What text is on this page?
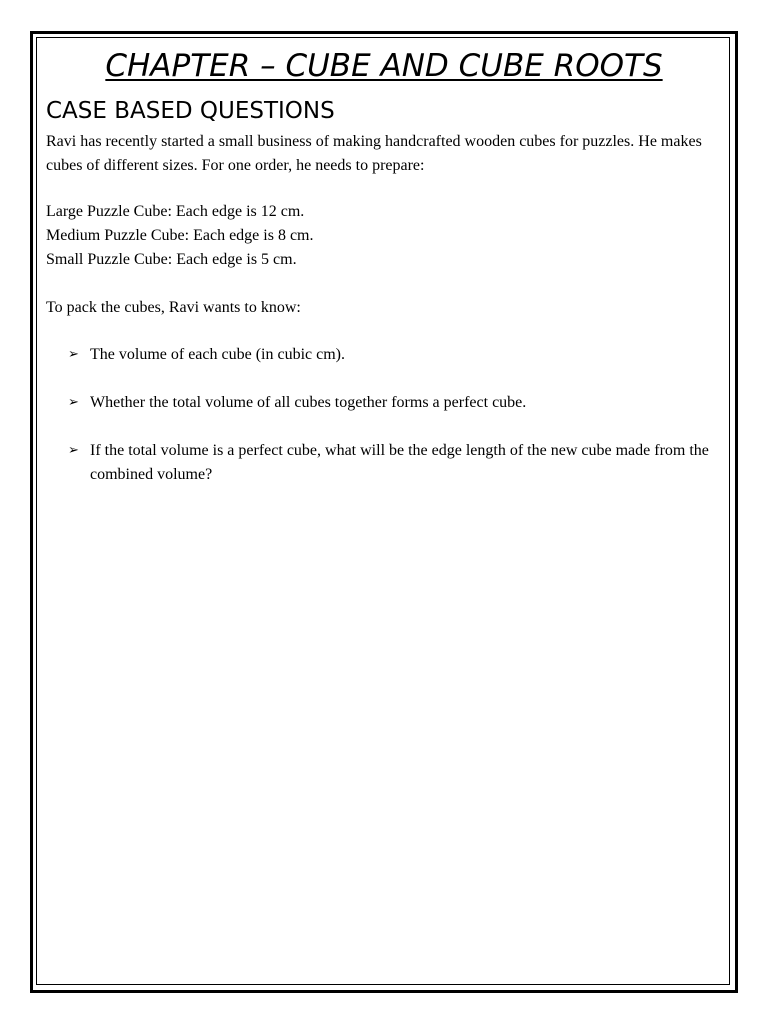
CHAPTER – CUBE AND CUBE ROOTS
CASE BASED QUESTIONS

Ravi has recently started a small business of making handcrafted wooden cubes for puzzles. He makes cubes of different sizes. For one order, he needs to prepare:

Large Puzzle Cube: Each edge is 12 cm.

Medium Puzzle Cube: Each edge is 8 cm.

Small Puzzle Cube: Each edge is 5 cm.

To pack the cubes, Ravi wants to know:

➢ The volume of each cube (in cubic cm).
➢ Whether the total volume of all cubes together forms a perfect cube.
➢ If the total volume is a perfect cube, what will be the edge length of the new cube made from the combined volume?
